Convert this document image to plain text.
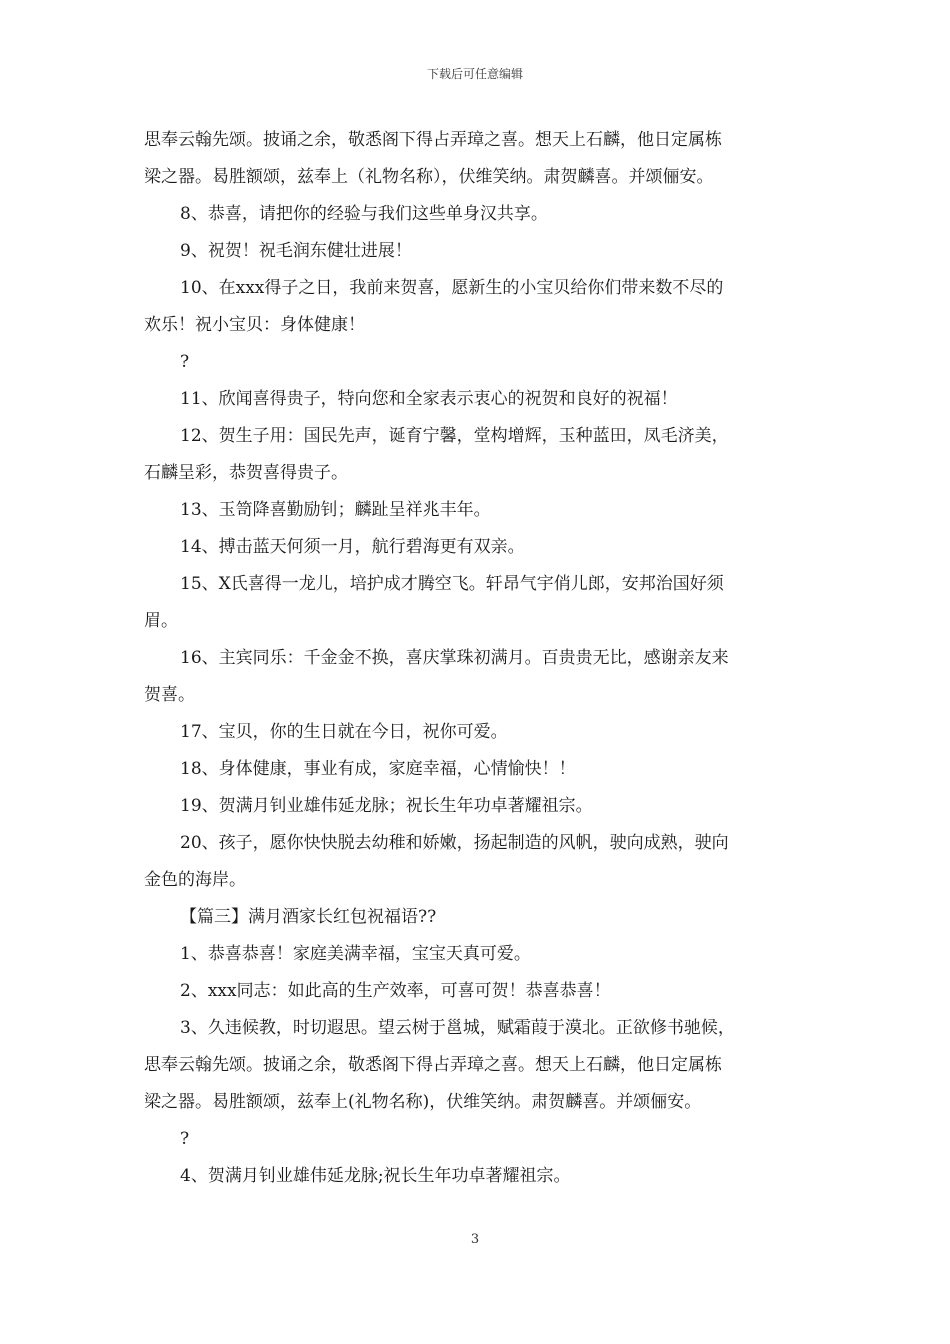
下载后可任意编辑
思奉云翰先颂。披诵之余，敬悉阁下得占弄璋之喜。想天上石麟，他日定属栋
梁之器。曷胜额颂，兹奉上（礼物名称），伏维笑纳。肃贺麟喜。并颂俪安。
8、恭喜，请把你的经验与我们这些单身汉共享。
9、祝贺！祝毛润东健壮进展！
10、在xxx得子之日，我前来贺喜，愿新生的小宝贝给你们带来数不尽的
欢乐！祝小宝贝：身体健康！
?
11、欣闻喜得贵子，特向您和全家表示衷心的祝贺和良好的祝福！
12、贺生子用：国民先声，诞育宁馨，堂构增辉，玉种蓝田，凤毛济美，
石麟呈彩，恭贺喜得贵子。
13、玉笥降喜勤励钊；麟趾呈祥兆丰年。
14、搏击蓝天何须一月，航行碧海更有双亲。
15、X氏喜得一龙儿，培护成才腾空飞。轩昂气宇俏儿郎，安邦治国好须
眉。
16、主宾同乐：千金金不换，喜庆掌珠初满月。百贵贵无比，感谢亲友来
贺喜。
17、宝贝，你的生日就在今日，祝你可爱。
18、身体健康，事业有成，家庭幸福，心情愉快！！
19、贺满月钊业雄伟延龙脉；祝长生年功卓著耀祖宗。
20、孩子，愿你快快脱去幼稚和娇嫩，扬起制造的风帆，驶向成熟，驶向
金色的海岸。
【篇三】满月酒家长红包祝福语??
1、恭喜恭喜！家庭美满幸福，宝宝天真可爱。
2、xxx同志：如此高的生产效率，可喜可贺！恭喜恭喜！
3、久违候教，时切遐思。望云树于邕城，赋霜葭于漠北。正欲修书驰候，
思奉云翰先颂。披诵之余，敬悉阁下得占弄璋之喜。想天上石麟，他日定属栋
梁之器。曷胜额颂，兹奉上(礼物名称)，伏维笑纳。肃贺麟喜。并颂俪安。
?
4、贺满月钊业雄伟延龙脉;祝长生年功卓著耀祖宗。
3
